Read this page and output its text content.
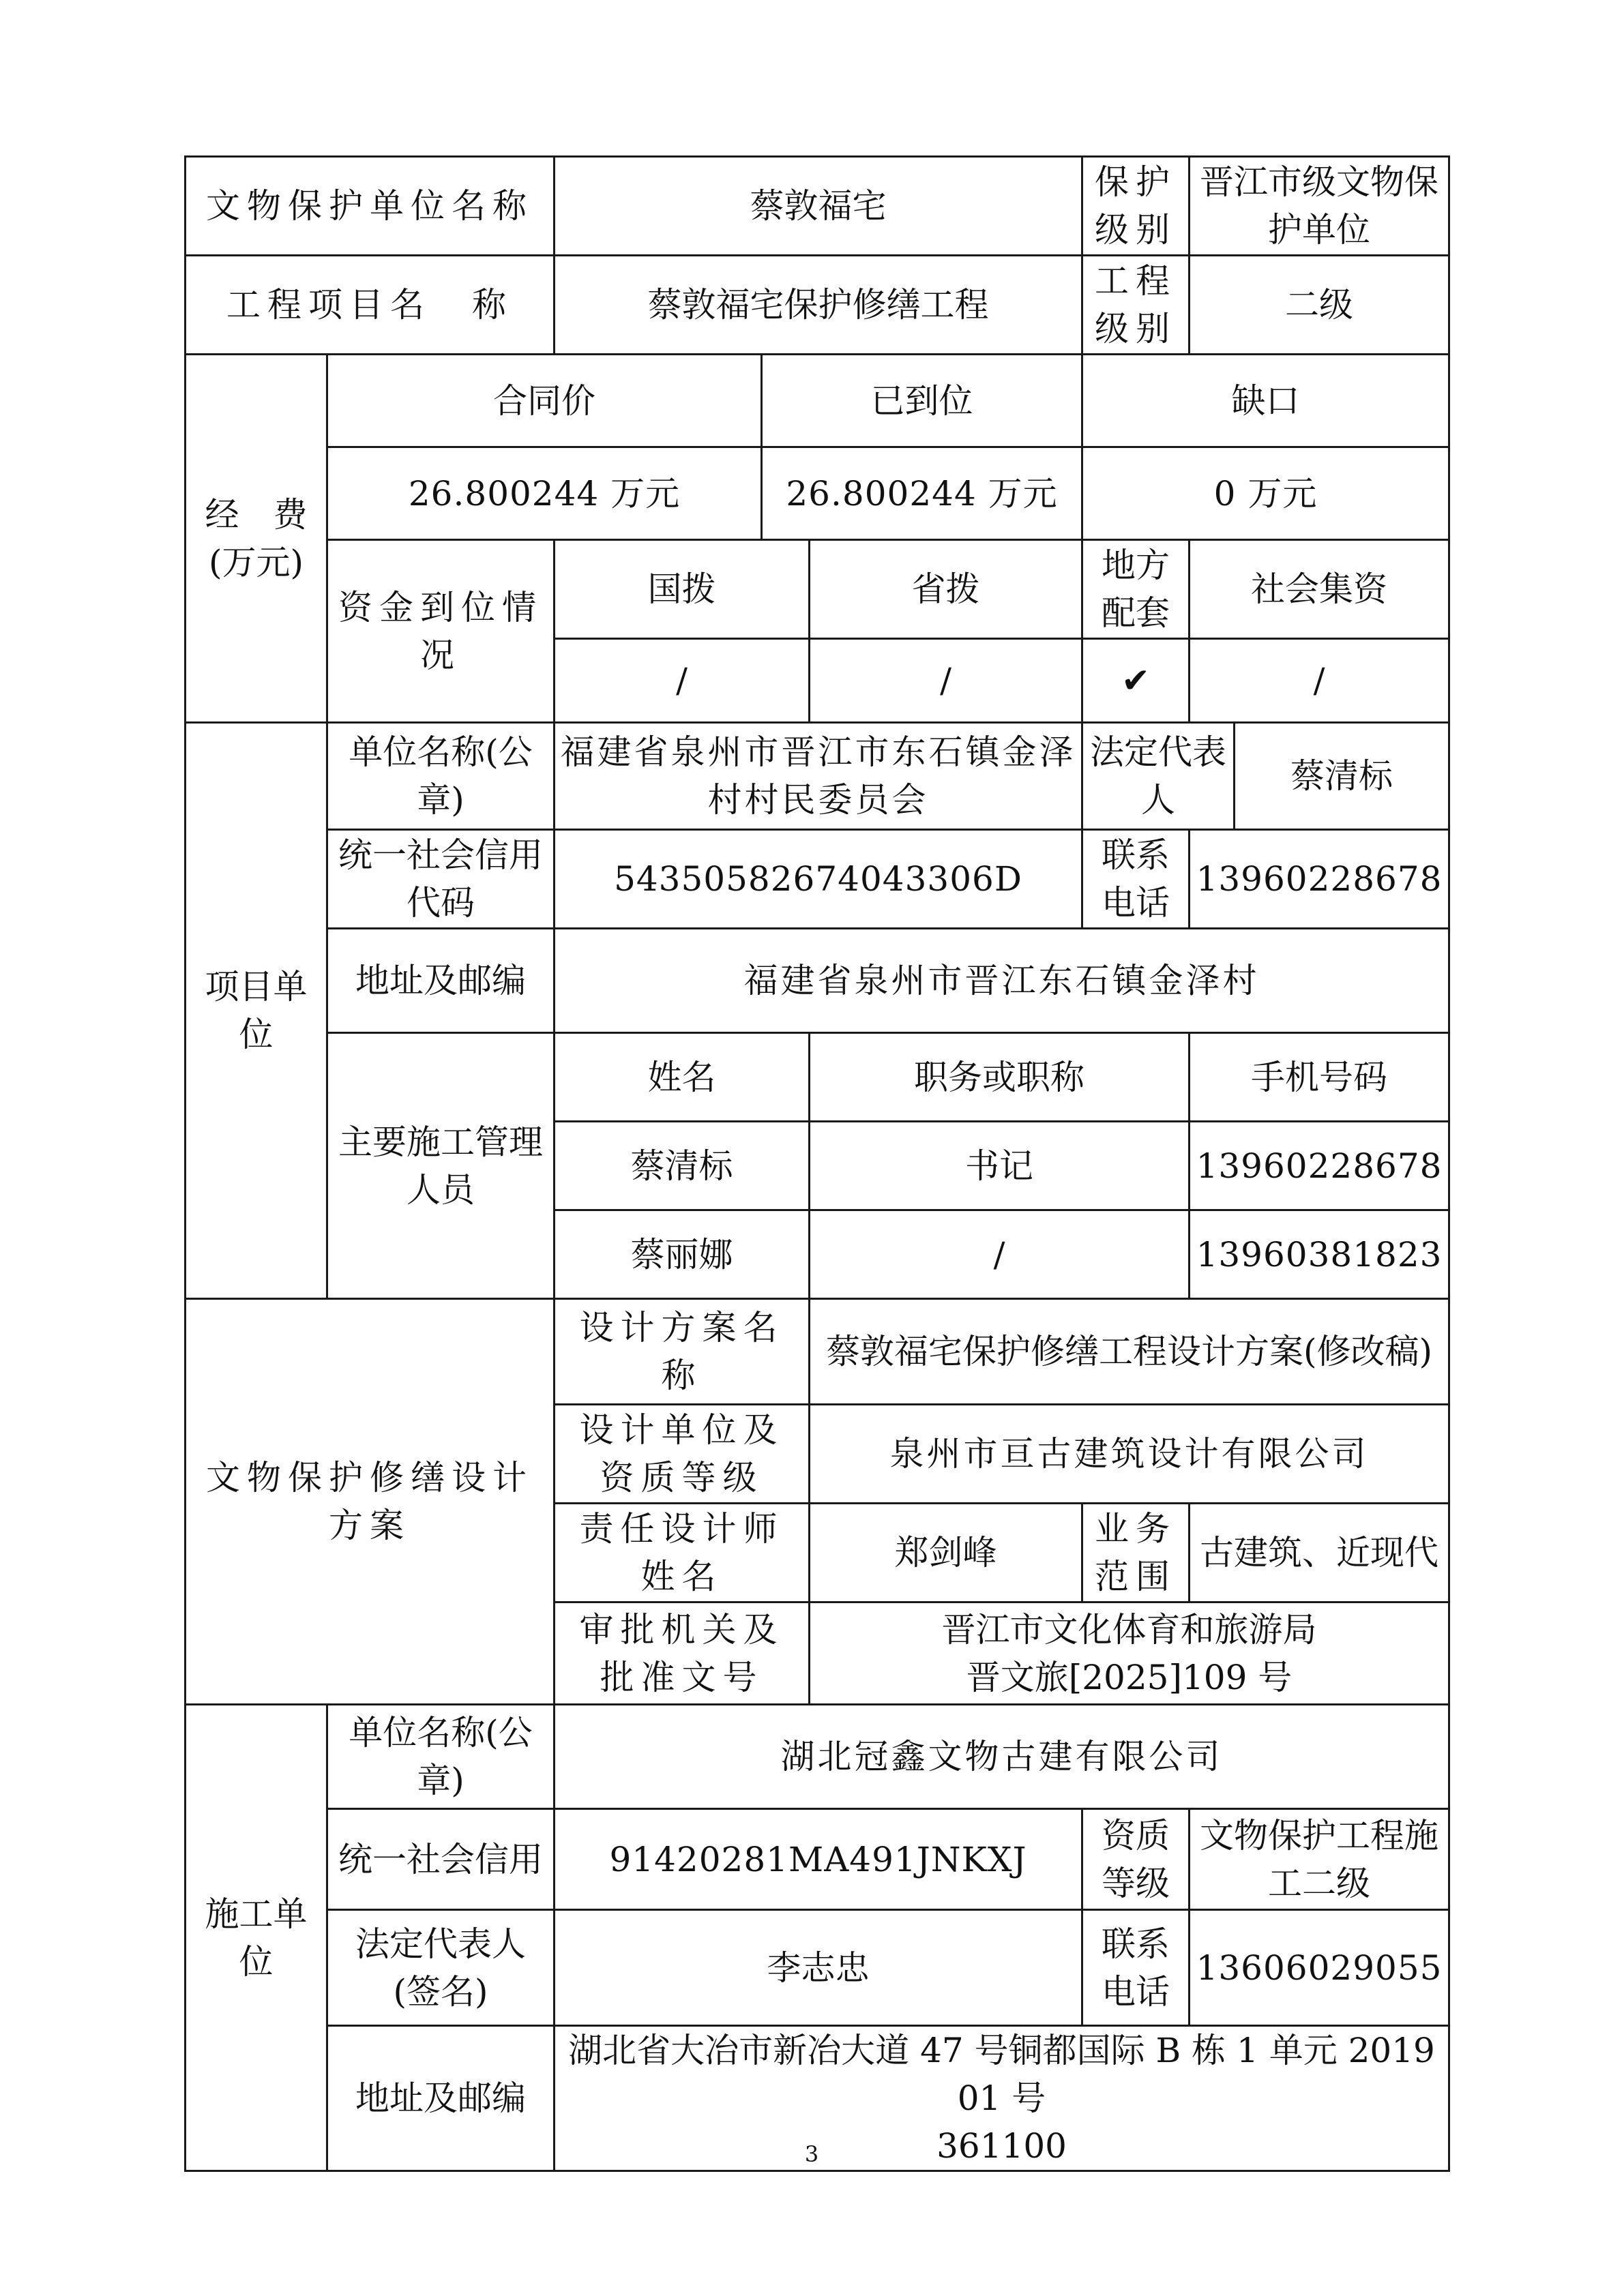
文物保护单位名称		蔡敦福宅			保护级别	晋江市级文物保护单位	
工程项目名　称		蔡敦福宅保护修缮工程			工程级别	二级	
经　费(万元)	合同价		已到位		缺口		
	26.800244 万元		26.800244 万元		0 万元		
	资金到位情况	国拨		省拨	地方配套	社会集资	
		/		/	✔	/	
项目单位	单位名称(公章)	福建省泉州市晋江市东石镇金泽村村民委员会			法定代表人		蔡清标
	统一社会信用代码	54350582674043306D			联系电话	13960228678	
	地址及邮编	福建省泉州市晋江东石镇金泽村					
	主要施工管理人员	姓名		职务或职称		手机号码	
		蔡清标		书记		13960228678	
		蔡丽娜		/		13960381823	

文物保护修缮设计方案		设计方案名称		蔡敦福宅保护修缮工程设计方案(修改稿)			
		设计单位及资质等级		泉州市亘古建筑设计有限公司			
		责任设计师姓名		郑剑峰	业务范围	古建筑、近现代	
		审批机关及批准文号		晋江市文化体育和旅游局
晋文旅[2025]109 号			

施工单位	单位名称(公章)	湖北冠鑫文物古建有限公司					
	统一社会信用	91420281MA491JNKXJ			资质等级	文物保护工程施工二级	
	法定代表人(签名)	李志忠			联系电话	13606029055	
	地址及邮编	湖北省大冶市新冶大道 47 号铜都国际 B 栋 1 单元 201901 号
361100					
3
